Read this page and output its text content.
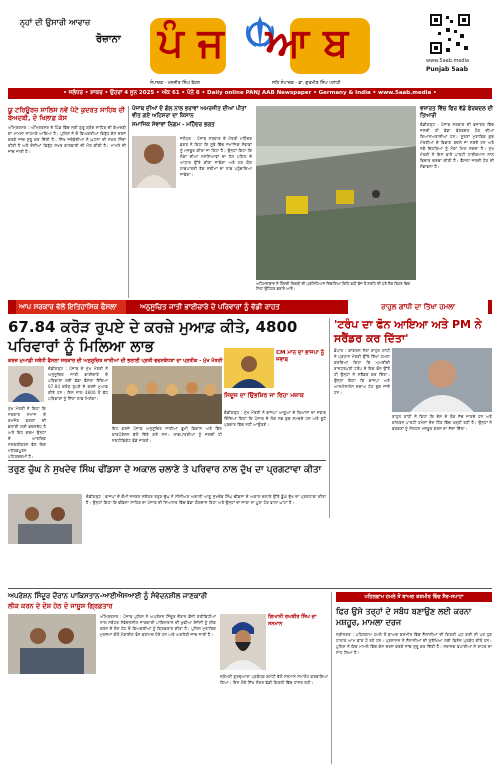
ਨ੍ਹਾਂ ਦੀ ਉਸਾਰੀ ਆਵਾਜ਼
ਰੋਜ਼ਾਨਾ ਪੰਜ ਆਬ	www.5aab.media
Punjab 5aab
ਸੰਪਾਦਕ - ਮਨਜੀਤ ਸਿੰਘ ਬੋਹਲ	ਸਹਿ ਸੰਪਾਦਕ - ਡਾ. ਗੁਰਮੀਤ ਸਿੰਘ ਪਲਾਹੀ
• ਜਲੰਧਰ • ਸ਼ਾਕਰ • ਉਹਰਾਂ 4 ਜੂਨ 2025 • ਅੰਕ 61 • ਪੰਨੇ 8 • Daily online PANJ AAB Newspaper • Germany & India • www.5aab.media •
ਯੂ ਟਰਿਊਰਜ਼ ਸਾਲਿਸ ਨਵੇਂ ਪੱਟੇ ਕੁਦਰਤ ਸਾਹਿਬ ਦੀ ਬੇਅਦਬੀ, ਦੋ ਖਿਲਾਫ਼ ਕੇਸ
ਅੰਮ੍ਰਿਤਸਰ : ਅੰਮ੍ਰਿਤਸਰ ਦੇ ਪਿੰਡ ਵਿੱਚ ਸ੍ਰੀ ਗੁਰੂ ਗ੍ਰੰਥ ਸਾਹਿਬ ਦੀ ਬੇਅਦਬੀ ਦਾ ਮਾਮਲਾ ਸਾਹਮਣੇ ਆਇਆ ਹੈ। ਪੁਲਿਸ ਨੇ ਦੋ ਵਿਅਕਤੀਆਂ ਵਿਰੁੱਧ ਕੇਸ ਦਰਜ ਕਰਕੇ ਜਾਂਚ ਸ਼ੁਰੂ ਕਰ ਦਿੱਤੀ ਹੈ। ਸਿੱਖ ਜਥੇਬੰਦੀਆਂ ਨੇ ਘਟਨਾ ਦੀ ਸਖ਼ਤ ਨਿੰਦਾ ਕੀਤੀ ਹੈ ਅਤੇ ਦੋਸ਼ੀਆਂ ਵਿਰੁੱਧ ਸਖ਼ਤ ਕਾਰਵਾਈ ਦੀ ਮੰਗ ਕੀਤੀ ਹੈ। ਮਾਮਲੇ ਦੀ ਜਾਂਚ ਜਾਰੀ ਹੈ।
ਪੰਜਾਬ ਦੀਆਂ ਦੋ ਗੋਲ ਨਾਲ ਭਰਾਵਾਂ ਅਮਰਜੀਤ ਦੀਆਂ ਪੀਤਾਂ ਵੀਤ ਗਏ ਅਹਿਸਰਾ ਦਾ ਕਿਸਾਨ
ਸਮਾਜਿਕ ਸੇਵਾਵਾਂ ਨਿਗਮ - ਮਹਿੰਦਰ ਭਗਤ
ਜਲੰਧਰ : ਪੰਜਾਬ ਸਰਕਾਰ ਦੇ ਮੰਤਰੀ ਮਹਿੰਦਰ ਭਗਤ ਨੇ ਕਿਹਾ ਕਿ ਸੂਬੇ ਵਿੱਚ ਸਮਾਜਿਕ ਸੇਵਾਵਾਂ ਨੂੰ ਮਜ਼ਬੂਤ ਕੀਤਾ ਜਾ ਰਿਹਾ ਹੈ। ਉਨ੍ਹਾਂ ਕਿਹਾ ਕਿ ਲੋਕਾਂ ਦੀਆਂ ਸਮੱਸਿਆਵਾਂ ਦਾ ਹੱਲ ਪਹਿਲ ਦੇ ਆਧਾਰ ਉੱਤੇ ਕੀਤਾ ਜਾਵੇਗਾ ਅਤੇ ਹਰ ਯੋਗ ਲਾਭਪਾਤਰੀ ਤੱਕ ਸਕੀਮਾਂ ਦਾ ਲਾਭ ਪਹੁੰਚਾਇਆ ਜਾਵੇਗਾ।
ਅਹਿਮਦਾਬਾਦ ਨੇ ਹਿੰਦਰੀ ਤਿਕੜੀ ਦੀ ਪ੍ਰਸ਼ਿਹਿਆਨ ਦਿਵਾਇਆ ਕਿਹਿ ਵਧੀ ਵੱਜ ਤੋਂ ਸ਼ਰਹਿ ਦੀ ਪੱਤੇ ਗੈਰ ਬਿਹਰ ਵਿਚ ਸਿਹਾ ਉਹਿਹਰ ਭਰਾਏ ਆਏ।
ਵਜ਼ਾਰਤ ਵਿੱਚ ਫਿਰ ਵੱਡੇ ਫੇਰਬਦਲ ਦੀ ਤਿਆਰੀ
ਚੰਡੀਗੜ੍ਹ : ਪੰਜਾਬ ਸਰਕਾਰ ਦੀ ਵਜ਼ਾਰਤ ਵਿੱਚ ਜਲਦੀ ਹੀ ਵੱਡਾ ਫੇਰਬਦਲ ਹੋਣ ਦੀਆਂ ਕਿਆਸਅਰਾਈਆਂ ਹਨ। ਸੂਤਰਾਂ ਮੁਤਾਬਿਕ ਕੁਝ ਮੰਤਰੀਆਂ ਦੇ ਵਿਭਾਗ ਬਦਲੇ ਜਾ ਸਕਦੇ ਹਨ ਅਤੇ ਨਵੇਂ ਚਿਹਰਿਆਂ ਨੂੰ ਮੌਕਾ ਮਿਲ ਸਕਦਾ ਹੈ। ਮੁੱਖ ਮੰਤਰੀ ਨੇ ਇਸ ਬਾਰੇ ਪਾਰਟੀ ਹਾਈਕਮਾਨ ਨਾਲ ਵਿਚਾਰ ਚਰਚਾ ਕੀਤੀ ਹੈ। ਫੈਸਲਾ ਜਲਦੀ ਹੋਣ ਦੀ ਸੰਭਾਵਨਾ ਹੈ।
ਆਪ ਸਰਕਾਰ ਵੱਲੋਂ ਇਤਿਹਾਸਿਕ ਫੈਸਲਾ	ਅਨੁਸੂਚਿਤ ਜਾਤੀ ਭਾਈਚਾਰੇ ਦੇ ਪਰਿਵਾਰਾਂ ਨੂੰ ਵੱਡੀ ਰਾਹਤ	ਰਾਹੁਲ ਗਾਂਧੀ ਦਾ ਤਿੱਖਾ ਹਮਲਾ
67.84 ਕਰੋੜ ਰੁਪਏ ਦੇ ਕਰਜ਼ੇ ਮੁਆਫ਼ ਕੀਤੇ, 4800 ਪਰਿਵਾਰਾਂ ਨੂੰ ਮਿਲਿਆ ਲਾਭ
ਕਰਜ਼ ਮੁਆਫ਼ੀ ਸਬੰਧੀ ਫੈਸਲਾ ਸਰਕਾਰ ਦੀ ਅਨੁਸੂਚਿਤ ਜਾਤੀਆਂ ਦੀ ਭਲਾਈ ਪ੍ਰਤੀ ਵਚਨਬੱਧਤਾ ਦਾ ਪ੍ਰਤੀਕ - ਮੁੱਖ ਮੰਤਰੀ
ਚੰਡੀਗੜ੍ਹ : ਪੰਜਾਬ ਦੇ ਮੁੱਖ ਮੰਤਰੀ ਨੇ ਅਨੁਸੂਚਿਤ ਜਾਤੀ ਭਾਈਚਾਰੇ ਦੇ ਪਰਿਵਾਰਾਂ ਲਈ ਵੱਡਾ ਫੈਸਲਾ ਲੈਂਦਿਆਂ 67.84 ਕਰੋੜ ਰੁਪਏ ਦੇ ਕਰਜ਼ੇ ਮੁਆਫ਼ ਕੀਤੇ ਹਨ। ਇਸ ਨਾਲ 4800 ਤੋਂ ਵੱਧ ਪਰਿਵਾਰਾਂ ਨੂੰ ਸਿੱਧਾ ਲਾਭ ਮਿਲੇਗਾ।
ਮੁੱਖ ਮੰਤਰੀ ਨੇ ਕਿਹਾ ਕਿ ਸਰਕਾਰ ਸਮਾਜ ਦੇ ਕਮਜ਼ੋਰ ਵਰਗਾਂ ਦੀ ਭਲਾਈ ਲਈ ਵਚਨਬੱਧ ਹੈ ਅਤੇ ਇਹ ਕਦਮ ਉਨ੍ਹਾਂ ਦੇ ਆਰਥਿਕ ਸਸ਼ਕਤੀਕਰਨ ਵੱਲ ਇਕ ਮਹੱਤਵਪੂਰਨ ਪਹਿਲਕਦਮੀ ਹੈ।
CM ਮਾਨ ਦਾ ਭਾਜਪਾ ਨੂੰ ਜਵਾਬ
ਸਿਦੂਜ ਦਾ ਉਿਭਸ਼ਿਰ ਜਾ ਰਿਹਾ ਮਜ਼ਾਕ
ਚੰਡੀਗੜ੍ਹ : ਮੁੱਖ ਮੰਤਰੀ ਨੇ ਭਾਜਪਾ ਆਗੂਆਂ ਦੇ ਬਿਆਨਾਂ ਦਾ ਜਵਾਬ ਦਿੰਦਿਆਂ ਕਿਹਾ ਕਿ ਪੰਜਾਬ ਦੇ ਲੋਕ ਸਭ ਕੁਝ ਸਮਝਦੇ ਹਨ ਅਤੇ ਝੂਠੇ ਪ੍ਰਚਾਰ ਵਿੱਚ ਨਹੀਂ ਆਉਣਗੇ।
ਇਹ ਕਰਜ਼ੇ ਪੰਜਾਬ ਅਨੁਸੂਚਿਤ ਜਾਤੀਆਂ ਭੂਮੀ ਵਿਕਾਸ ਅਤੇ ਵਿੱਤ ਕਾਰਪੋਰੇਸ਼ਨ ਵੱਲੋਂ ਦਿੱਤੇ ਗਏ ਸਨ। ਲਾਭਪਾਤਰੀਆਂ ਨੂੰ ਜਲਦੀ ਹੀ ਸਰਟੀਫਿਕੇਟ ਵੰਡੇ ਜਾਣਗੇ।
'ਟਰੰਪ ਦਾ ਫੋਨ ਆਇਆ ਅਤੇ PM ਨੇ ਸਰੈਂਡਰ ਕਰ ਦਿੱਤਾ'
ਭੋਪਾਲ : ਕਾਂਗਰਸ ਨੇਤਾ ਰਾਹੁਲ ਗਾਂਧੀ ਨੇ ਪ੍ਰਧਾਨ ਮੰਤਰੀ ਉੱਤੇ ਤਿੱਖਾ ਹਮਲਾ ਕਰਦਿਆਂ ਕਿਹਾ ਕਿ ਅਮਰੀਕੀ ਰਾਸ਼ਟਰਪਤੀ ਟਰੰਪ ਦੇ ਇਕ ਫੋਨ ਉੱਤੇ ਹੀ ਉਨ੍ਹਾਂ ਨੇ ਸਰੈਂਡਰ ਕਰ ਦਿੱਤਾ। ਉਨ੍ਹਾਂ ਕਿਹਾ ਕਿ ਭਾਜਪਾ ਅਤੇ ਆਰਐਸਐਸ ਦਬਾਅ ਹੇਠ ਝੁਕ ਜਾਂਦੇ ਹਨ।
ਰਾਹੁਲ ਗਾਂਧੀ ਨੇ ਕਿਹਾ ਕਿ ਦੇਸ਼ ਦੇ ਲੋਕ ਸੱਚ ਜਾਣਦੇ ਹਨ ਅਤੇ ਕਾਂਗਰਸ ਪਾਰਟੀ ਹਮੇਸ਼ਾ ਦੇਸ਼ ਹਿੱਤ ਵਿੱਚ ਖੜ੍ਹੀ ਰਹੀ ਹੈ। ਉਨ੍ਹਾਂ ਨੇ ਵਰਕਰਾਂ ਨੂੰ ਸੰਗਠਨ ਮਜ਼ਬੂਤ ਕਰਨ ਦਾ ਸੱਦਾ ਦਿੱਤਾ।
ਤਰੁਣ ਚੁੱਘ ਨੇ ਸੁਖਦੇਵ ਸਿੰਘ ਢੀਂਡਸਾ ਦੇ ਅਕਾਲ ਚਲਾਣੇ ਤੇ ਪਰਿਵਾਰ ਨਾਲ ਦੁੱਖ ਦਾ ਪ੍ਰਗਟਾਵਾ ਕੀਤਾ
ਚੰਡੀਗੜ੍ਹ : ਭਾਜਪਾ ਦੇ ਕੌਮੀ ਜਨਰਲ ਸਕੱਤਰ ਤਰੁਣ ਚੁੱਘ ਨੇ ਸੀਨੀਅਰ ਅਕਾਲੀ ਆਗੂ ਸੁਖਦੇਵ ਸਿੰਘ ਢੀਂਡਸਾ ਦੇ ਅਕਾਲ ਚਲਾਣੇ ਉੱਤੇ ਡੂੰਘੇ ਦੁੱਖ ਦਾ ਪ੍ਰਗਟਾਵਾ ਕੀਤਾ ਹੈ। ਉਨ੍ਹਾਂ ਕਿਹਾ ਕਿ ਢੀਂਡਸਾ ਸਾਹਿਬ ਦਾ ਪੰਜਾਬ ਦੀ ਸਿਆਸਤ ਵਿੱਚ ਵੱਡਾ ਯੋਗਦਾਨ ਰਿਹਾ ਅਤੇ ਉਨ੍ਹਾਂ ਦਾ ਜਾਣਾ ਨਾ ਪੂਰਾ ਹੋਣ ਵਾਲਾ ਘਾਟਾ ਹੈ।
ਅਪਰੇਸ਼ਨ ਸਿੰਦੂਰ ਦੌਰਾਨ ਪਾਕਿਸਤਾਨ-ਆਈਐਸਆਈ ਨੂੰ ਸੰਵੇਦਨਸ਼ੀਲ ਜਾਣਕਾਰੀ
ਲੀਕ ਕਰਨ ਦੇ ਦੋਸ਼ ਹੇਠ ਦੋ ਜਾਸੂਸ ਗ੍ਰਿਫ਼ਤਾਰ
ਅੰਮ੍ਰਿਤਸਰ : ਪੰਜਾਬ ਪੁਲਿਸ ਨੇ ਅਪਰੇਸ਼ਨ ਸਿੰਦੂਰ ਦੌਰਾਨ ਫ਼ੌਜੀ ਗਤੀਵਿਧੀਆਂ ਨਾਲ ਸਬੰਧਤ ਸੰਵੇਦਨਸ਼ੀਲ ਜਾਣਕਾਰੀ ਪਾਕਿਸਤਾਨ ਦੀ ਖੁਫੀਆ ਏਜੰਸੀ ਨੂੰ ਲੀਕ ਕਰਨ ਦੇ ਦੋਸ਼ ਹੇਠ ਦੋ ਵਿਅਕਤੀਆਂ ਨੂੰ ਗ੍ਰਿਫ਼ਤਾਰ ਕੀਤਾ ਹੈ। ਪੁਲਿਸ ਮੁਤਾਬਿਕ ਮੁਲਜ਼ਮਾਂ ਕੋਲੋਂ ਮੋਬਾਈਲ ਫੋਨ ਬਰਾਮਦ ਹੋਏ ਹਨ ਅਤੇ ਅਗਲੇਰੀ ਜਾਂਚ ਜਾਰੀ ਹੈ।
ਗਿਆਨੀ ਰਘਬੀਰ ਸਿੰਘ ਦਾ ਸਨਮਾਨ
ਸ਼੍ਰੋਮਣੀ ਗੁਰਦੁਆਰਾ ਪ੍ਰਬੰਧਕ ਕਮੇਟੀ ਵੱਲੋਂ ਸਨਮਾਨ ਸਮਾਰੋਹ ਕਰਵਾਇਆ ਗਿਆ। ਇਸ ਮੌਕੇ ਸਿੱਖ ਸੰਗਤ ਵੱਡੀ ਗਿਣਤੀ ਵਿੱਚ ਹਾਜ਼ਰ ਰਹੀ।
ਪਹਿਲਗਾਮ ਹਮਲੇ ਤੋਂ ਬਾਅਦ ਕਸ਼ਮੀਰ ਵਿੱਚ ਸੈਰ-ਸਪਾਟਾ
ਫਿਰ ਉਸੇ ਤਰ੍ਹਾਂ ਦੇ ਸਬੰਧ ਬਣਾਉਣ ਲਈ ਕਰਨਾ ਮਸ਼ਹੂਰ, ਮਾਮਲਾ ਦਰਜ
ਸ੍ਰੀਨਗਰ : ਪਹਿਲਗਾਮ ਹਮਲੇ ਤੋਂ ਬਾਅਦ ਕਸ਼ਮੀਰ ਵਿੱਚ ਸੈਲਾਨੀਆਂ ਦੀ ਗਿਣਤੀ ਘਟ ਗਈ ਸੀ ਪਰ ਹੁਣ ਹਾਲਾਤ ਆਮ ਵਾਂਗ ਹੋ ਰਹੇ ਹਨ। ਪ੍ਰਸ਼ਾਸਨ ਨੇ ਸੈਲਾਨੀਆਂ ਦੀ ਸੁਰੱਖਿਆ ਲਈ ਵਿਸ਼ੇਸ਼ ਪ੍ਰਬੰਧ ਕੀਤੇ ਹਨ। ਪੁਲਿਸ ਨੇ ਇਕ ਮਾਮਲੇ ਵਿੱਚ ਕੇਸ ਦਰਜ ਕਰਕੇ ਜਾਂਚ ਸ਼ੁਰੂ ਕਰ ਦਿੱਤੀ ਹੈ। ਸਥਾਨਕ ਵਪਾਰੀਆਂ ਨੇ ਰਾਹਤ ਦਾ ਸਾਹ ਲਿਆ ਹੈ।
